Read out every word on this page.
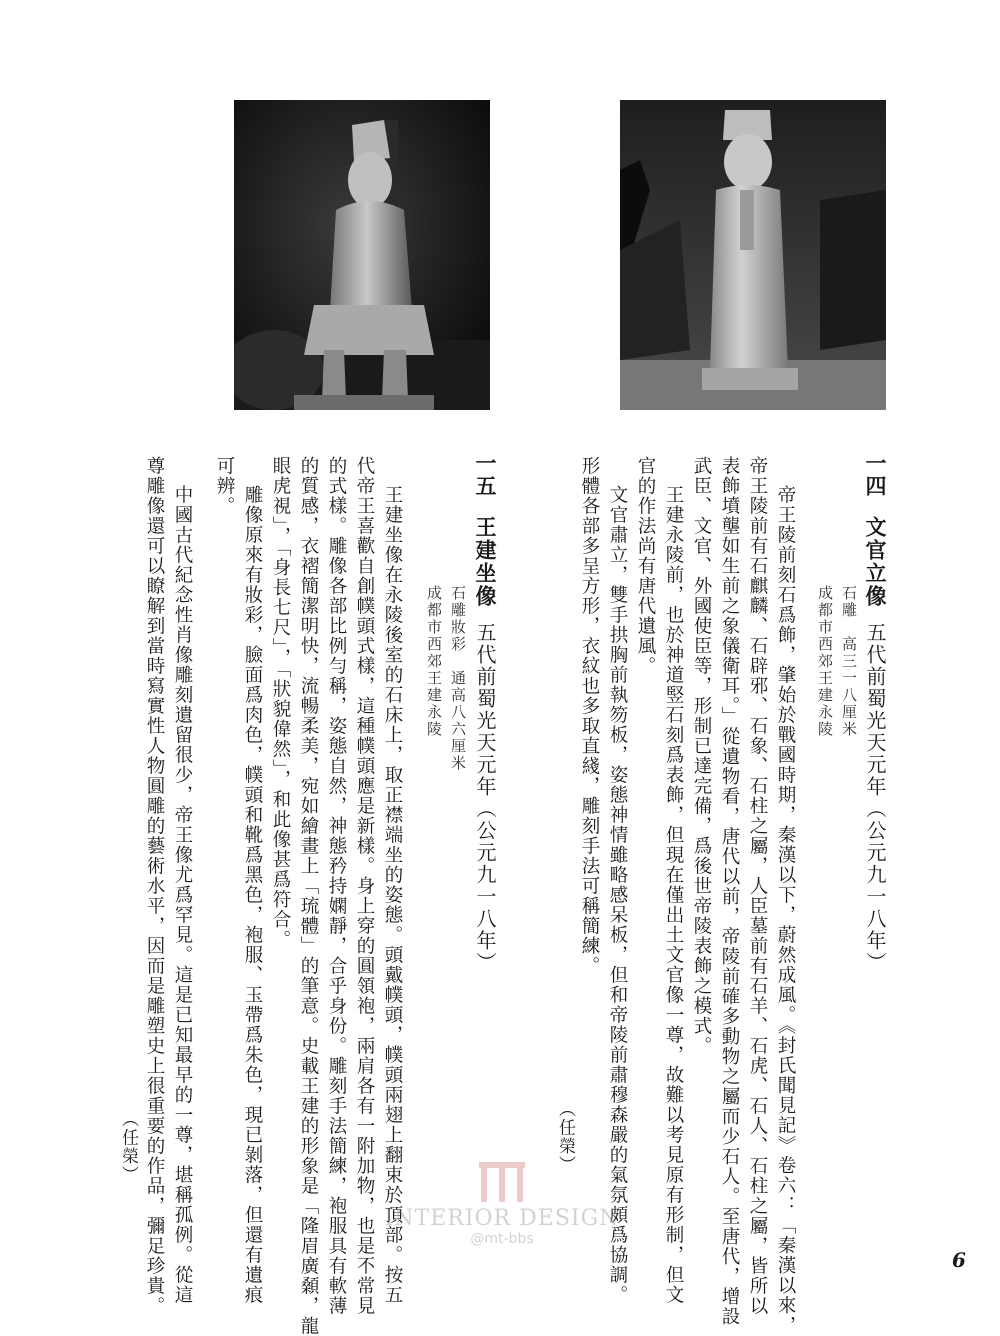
一四文官立像五代前蜀光天元年（公元九一八年）
石雕　高三一八厘米
成都市西郊王建永陵
帝王陵前刻石爲飾，肇始於戰國時期，秦漢以下，蔚然成風。《封氏聞見記》卷六：「秦漢以來，
帝王陵前有石麒麟、石辟邪、石象、石柱之屬，人臣墓前有石羊、石虎、石人、石柱之屬，皆所以
表飾墳壟如生前之象儀衛耳。」從遺物看，唐代以前，帝陵前確多動物之屬而少石人。至唐代，增設
武臣、文官、外國使臣等，形制已達完備，爲後世帝陵表飾之模式。
王建永陵前，也於神道竪石刻爲表飾，但現在僅出土文官像一尊，故難以考見原有形制，但文
官的作法尚有唐代遺風。
文官肅立，雙手拱胸前執笏板，姿態神情雖略感呆板，但和帝陵前肅穆森嚴的氣氛頗爲協調。
形體各部多呈方形，衣紋也多取直綫，雕刻手法可稱簡練。
（任榮）
一五王建坐像五代前蜀光天元年（公元九一八年）
石雕妝彩　通高八六厘米
成都市西郊王建永陵
王建坐像在永陵後室的石床上，取正襟端坐的姿態。頭戴幞頭，幞頭兩翅上翻束於頂部。按五
代帝王喜歡自創幞頭式樣，這種幞頭應是新樣。身上穿的圓領袍，兩肩各有一附加物，也是不常見
的式樣。雕像各部比例勻稱，姿態自然，神態矜持嫻靜，合乎身份。雕刻手法簡練，袍服具有軟薄
的質感，衣褶簡潔明快，流暢柔美，宛如繪畫上「琉體」的筆意。史載王建的形象是「隆眉廣顙，龍
眼虎視」，「身長七尺」，「狀貌偉然」，和此像甚爲符合。
雕像原來有妝彩，臉面爲肉色，幞頭和靴爲黑色，袍服、玉帶爲朱色，現已剝落，但還有遺痕
可辨。
中國古代紀念性肖像雕刻遺留很少，帝王像尤爲罕見。這是已知最早的一尊，堪稱孤例。從這
尊雕像還可以瞭解到當時寫實性人物圓雕的藝術水平，因而是雕塑史上很重要的作品，彌足珍貴。
（任榮）
6
INTERIOR DESIGN
@mt-bbs
